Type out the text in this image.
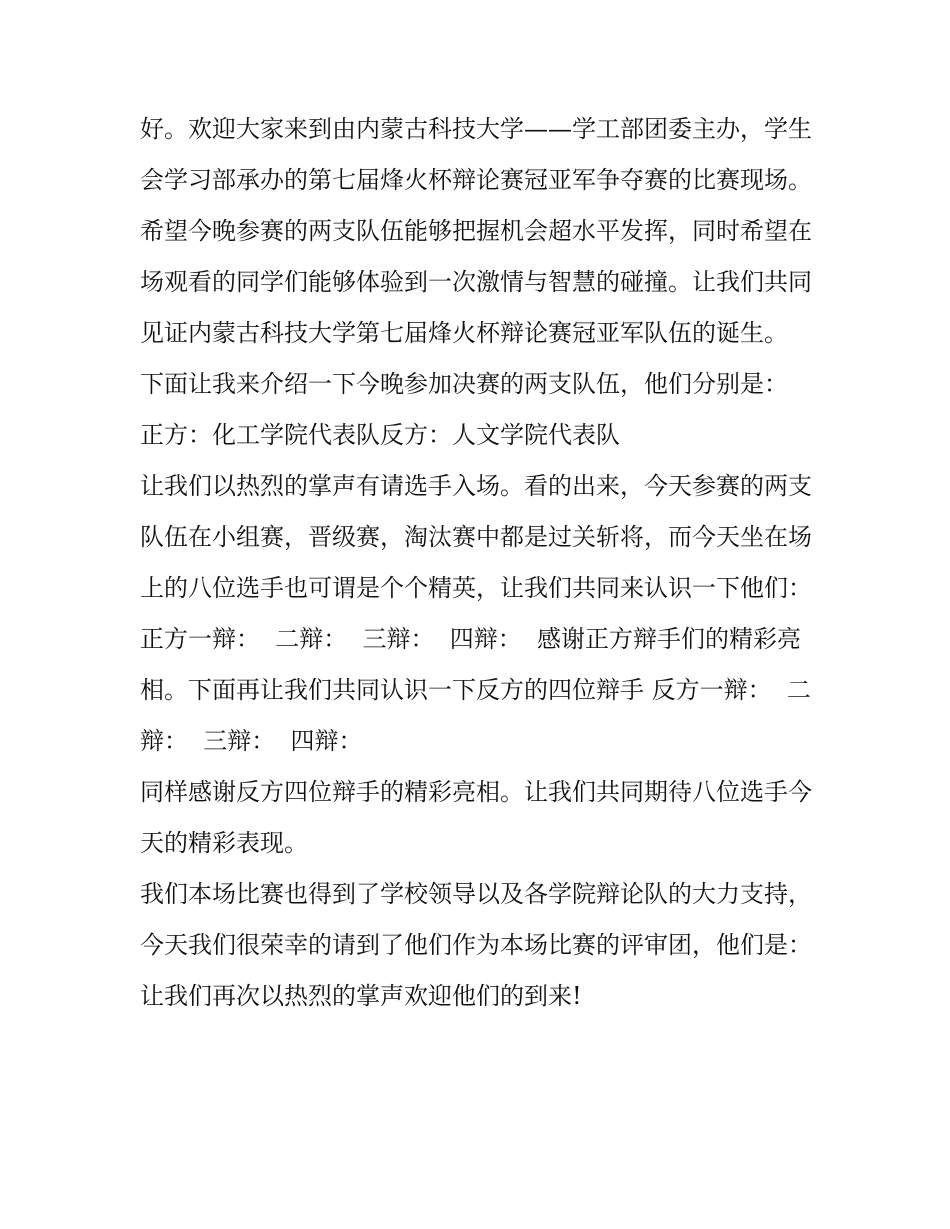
好。欢迎大家来到由内蒙古科技大学——学工部团委主办，学生会学习部承办的第七届烽火杯辩论赛冠亚军争夺赛的比赛现场。希望今晚参赛的两支队伍能够把握机会超水平发挥，同时希望在场观看的同学们能够体验到一次激情与智慧的碰撞。让我们共同见证内蒙古科技大学第七届烽火杯辩论赛冠亚军队伍的诞生。

下面让我来介绍一下今晚参加决赛的两支队伍，他们分别是：

正方：化工学院代表队反方：人文学院代表队

让我们以热烈的掌声有请选手入场。看的出来，今天参赛的两支队伍在小组赛，晋级赛，淘汰赛中都是过关斩将，而今天坐在场上的八位选手也可谓是个个精英，让我们共同来认识一下他们：

正方一辩：  二辩：  三辩：  四辩：  感谢正方辩手们的精彩亮相。下面再让我们共同认识一下反方的四位辩手 反方一辩：  二辩：  三辩：  四辩：

同样感谢反方四位辩手的精彩亮相。让我们共同期待八位选手今天的精彩表现。

我们本场比赛也得到了学校领导以及各学院辩论队的大力支持，今天我们很荣幸的请到了他们作为本场比赛的评审团，他们是：  让我们再次以热烈的掌声欢迎他们的到来!
